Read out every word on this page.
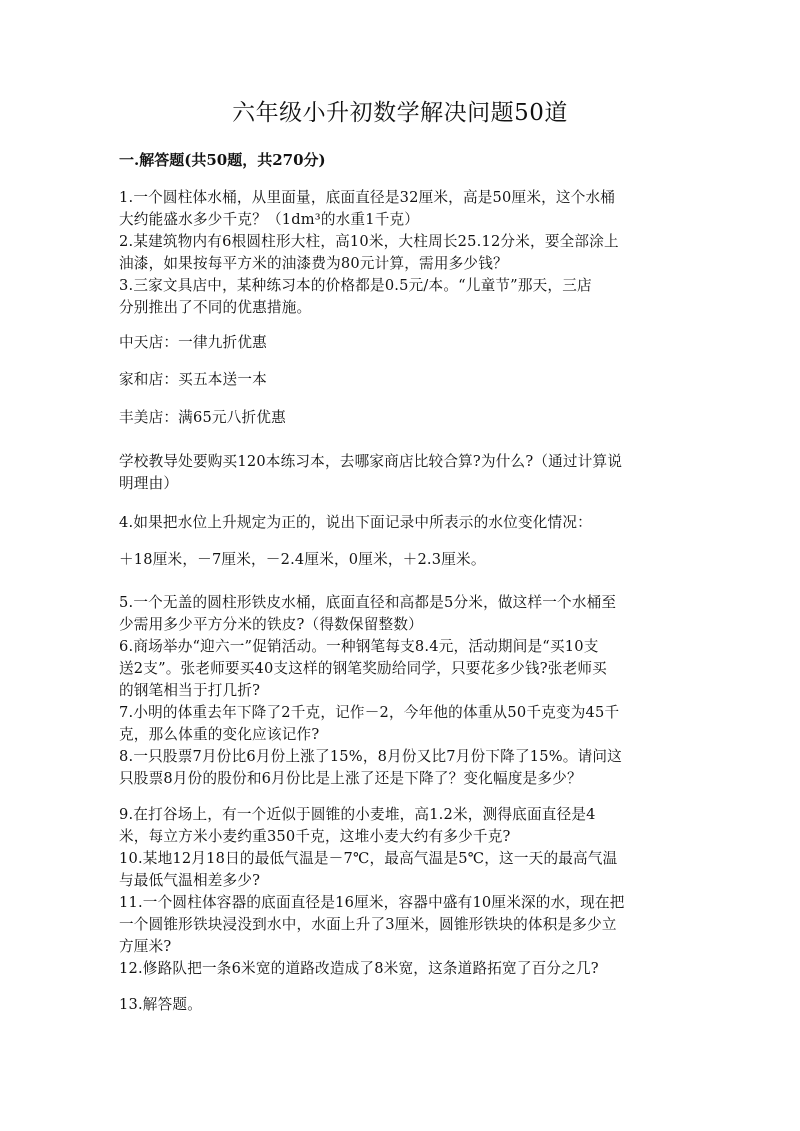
六年级小升初数学解决问题50道
一.解答题(共50题，共270分)
1.一个圆柱体水桶，从里面量，底面直径是32厘米，高是50厘米，这个水桶
大约能盛水多少千克？（1dm³的水重1千克）
2.某建筑物内有6根圆柱形大柱，高10米，大柱周长25.12分米，要全部涂上
油漆，如果按每平方米的油漆费为80元计算，需用多少钱？
3.三家文具店中，某种练习本的价格都是0.5元/本。“儿童节”那天，三店
分别推出了不同的优惠措施。
中天店：一律九折优惠
家和店：买五本送一本
丰美店：满65元八折优惠
学校教导处要购买120本练习本，去哪家商店比较合算?为什么?（通过计算说
明理由）
4.如果把水位上升规定为正的，说出下面记录中所表示的水位变化情况：
＋18厘米，－7厘米，－2.4厘米，0厘米，＋2.3厘米。
5.一个无盖的圆柱形铁皮水桶，底面直径和高都是5分米，做这样一个水桶至
少需用多少平方分米的铁皮?（得数保留整数）
6.商场举办“迎六一”促销活动。一种钢笔每支8.4元，活动期间是“买10支
送2支”。张老师要买40支这样的钢笔奖励给同学，只要花多少钱?张老师买
的钢笔相当于打几折?
7.小明的体重去年下降了2千克，记作－2，今年他的体重从50千克变为45千
克，那么体重的变化应该记作?
8.一只股票7月份比6月份上涨了15%，8月份又比7月份下降了15%。请问这
只股票8月份的股份和6月份比是上涨了还是下降了？变化幅度是多少？
9.在打谷场上，有一个近似于圆锥的小麦堆，高1.2米，测得底面直径是4
米，每立方米小麦约重350千克，这堆小麦大约有多少千克?
10.某地12月18日的最低气温是－7℃，最高气温是5℃，这一天的最高气温
与最低气温相差多少?
11.一个圆柱体容器的底面直径是16厘米，容器中盛有10厘米深的水，现在把
一个圆锥形铁块浸没到水中，水面上升了3厘米，圆锥形铁块的体积是多少立
方厘米?
12.修路队把一条6米宽的道路改造成了8米宽，这条道路拓宽了百分之几?
13.解答题。
